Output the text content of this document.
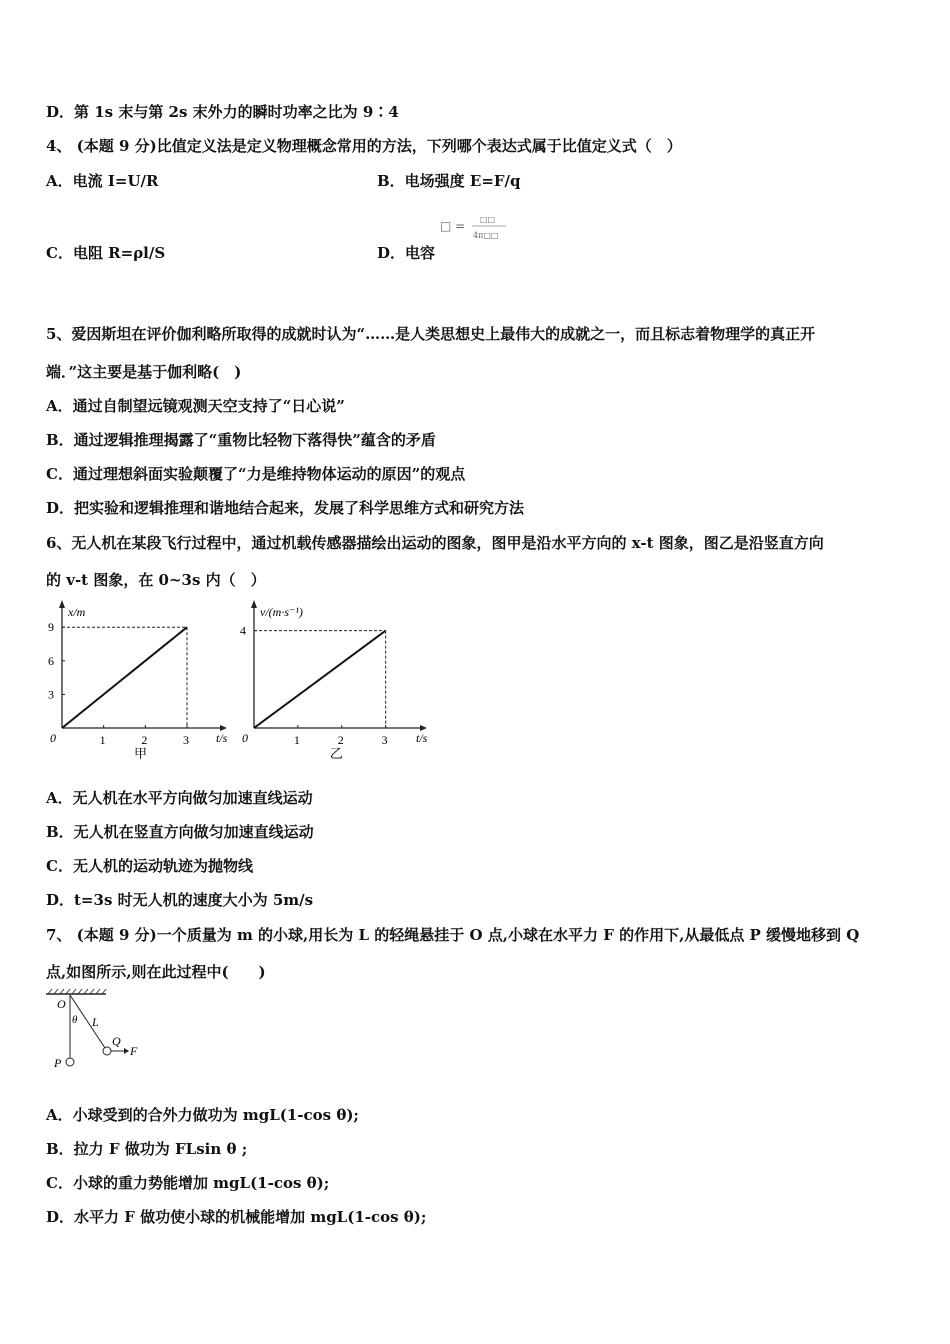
D．第 1s 末与第 2s 末外力的瞬时功率之比为 9∶4
4、 (本题 9 分)比值定义法是定义物理概念常用的方法，下列哪个表达式属于比值定义式（　）
A．电流 I=U/R	B．电场强度 E=F/q
□ = □□
4π□□
C．电阻 R=ρl/S	D．电容
5、爱因斯坦在评价伽利略所取得的成就时认为“……是人类思想史上最伟大的成就之一，而且标志着物理学的真正开
端．”这主要是基于伽利略(　)
A．通过自制望远镜观测天空支持了“日心说”
B．通过逻辑推理揭露了“重物比轻物下落得快”蕴含的矛盾
C．通过理想斜面实验颠覆了“力是维持物体运动的原因”的观点
D．把实验和逻辑推理和谐地结合起来，发展了科学思维方式和研究方法
6、无人机在某段飞行过程中，通过机载传感器描绘出运动的图象，图甲是沿水平方向的 x-t 图象，图乙是沿竖直方向
的 v-t 图象，在 0~3s 内（　）
x/m
t/s
0	1	2	3
3
6
9
甲
v/(m·s⁻¹)
t/s
0	1	2	3
4
乙
A．无人机在水平方向做匀加速直线运动
B．无人机在竖直方向做匀加速直线运动
C．无人机的运动轨迹为抛物线
D．t=3s 时无人机的速度大小为 5m/s
7、 (本题 9 分)一个质量为 m 的小球,用长为 L 的轻绳悬挂于 O 点,小球在水平力 F 的作用下,从最低点 P 缓慢地移到 Q
点,如图所示,则在此过程中(　　)
O
θ L
Q
F
P
A．小球受到的合外力做功为 mgL(1-cos θ);
B．拉力 F 做功为 FLsin θ ;
C．小球的重力势能增加 mgL(1-cos θ);
D．水平力 F 做功使小球的机械能增加 mgL(1-cos θ);
